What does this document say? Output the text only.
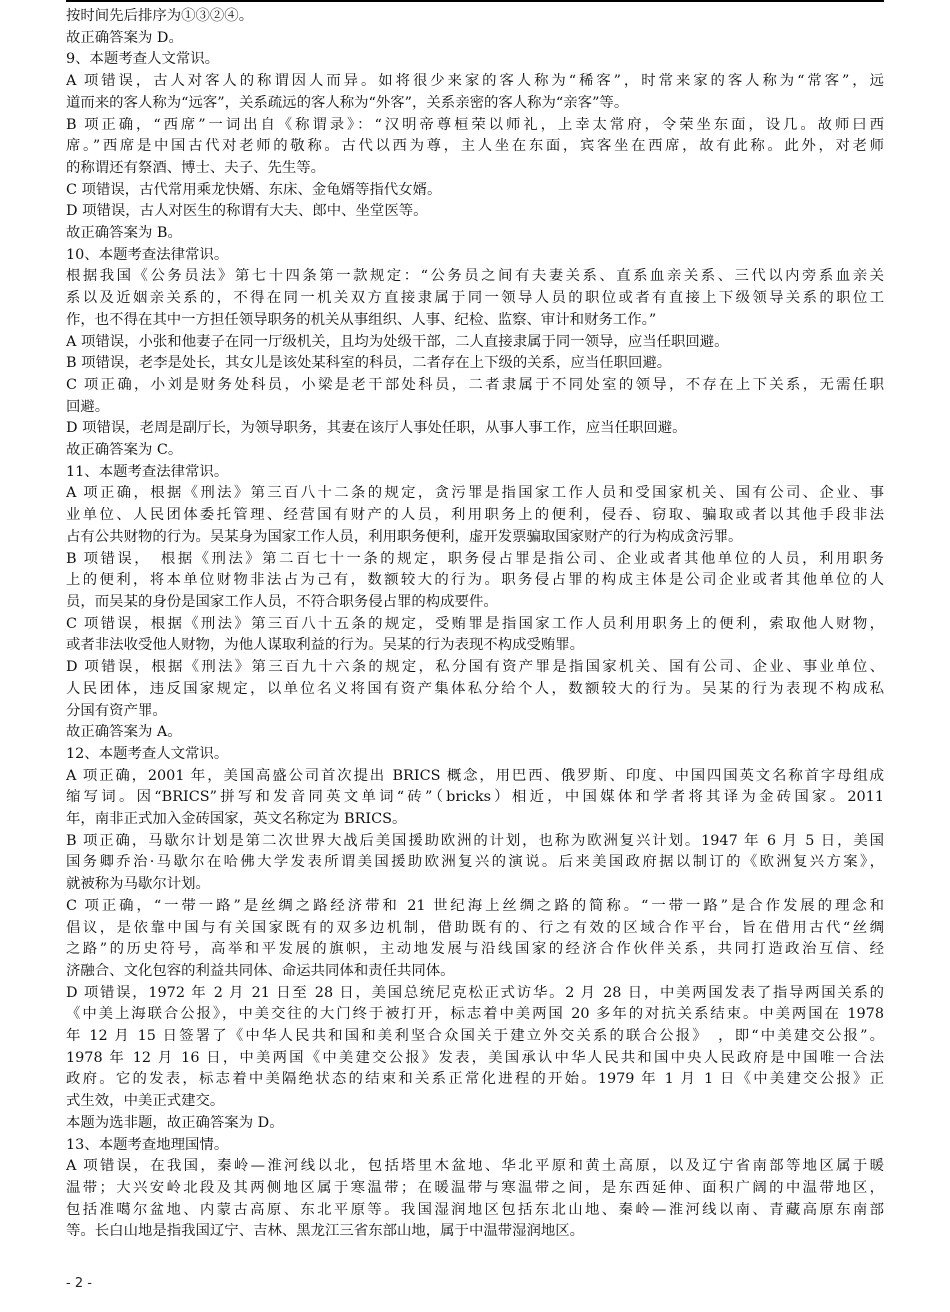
按时间先后排序为①③②④。

故正确答案为 D。

9、本题考查人文常识。

A 项错误，古人对客人的称谓因人而异。如将很少来家的客人称为“稀客”，时常来家的客人称为“常客”，远

道而来的客人称为“远客”，关系疏远的客人称为“外客”，关系亲密的客人称为“亲客”等。

B 项正确，“西席”一词出自《称谓录》：“汉明帝尊桓荣以师礼，上幸太常府，令荣坐东面，设几。故师曰西

席。”西席是中国古代对老师的敬称。古代以西为尊，主人坐在东面，宾客坐在西席，故有此称。此外，对老师

的称谓还有祭酒、博士、夫子、先生等。

C 项错误，古代常用乘龙快婿、东床、金龟婿等指代女婿。

D 项错误，古人对医生的称谓有大夫、郎中、坐堂医等。

故正确答案为 B。

10、本题考查法律常识。

根据我国《公务员法》第七十四条第一款规定：“公务员之间有夫妻关系、直系血亲关系、三代以内旁系血亲关

系以及近姻亲关系的，不得在同一机关双方直接隶属于同一领导人员的职位或者有直接上下级领导关系的职位工

作，也不得在其中一方担任领导职务的机关从事组织、人事、纪检、监察、审计和财务工作。”

A 项错误，小张和他妻子在同一厅级机关，且均为处级干部，二人直接隶属于同一领导，应当任职回避。

B 项错误，老李是处长，其女儿是该处某科室的科员，二者存在上下级的关系，应当任职回避。

C 项正确，小刘是财务处科员，小梁是老干部处科员，二者隶属于不同处室的领导，不存在上下关系，无需任职

回避。

D 项错误，老周是副厅长，为领导职务，其妻在该厅人事处任职，从事人事工作，应当任职回避。

故正确答案为 C。

11、本题考查法律常识。

A 项正确，根据《刑法》第三百八十二条的规定，贪污罪是指国家工作人员和受国家机关、国有公司、企业、事

业单位、人民团体委托管理、经营国有财产的人员，利用职务上的便利，侵吞、窃取、骗取或者以其他手段非法

占有公共财物的行为。吴某身为国家工作人员，利用职务便利，虚开发票骗取国家财产的行为构成贪污罪。

B 项错误，　根据《刑法》第二百七十一条的规定，职务侵占罪是指公司、企业或者其他单位的人员，利用职务

上的便利，将本单位财物非法占为己有，数额较大的行为。职务侵占罪的构成主体是公司企业或者其他单位的人

员，而吴某的身份是国家工作人员，不符合职务侵占罪的构成要件。

C 项错误，根据《刑法》第三百八十五条的规定，受贿罪是指国家工作人员利用职务上的便利，索取他人财物，

或者非法收受他人财物，为他人谋取利益的行为。吴某的行为表现不构成受贿罪。

D 项错误，根据《刑法》第三百九十六条的规定，私分国有资产罪是指国家机关、国有公司、企业、事业单位、

人民团体，违反国家规定，以单位名义将国有资产集体私分给个人，数额较大的行为。吴某的行为表现不构成私

分国有资产罪。

故正确答案为 A。

12、本题考查人文常识。

A 项正确，2001 年，美国高盛公司首次提出 BRICS 概念，用巴西、俄罗斯、印度、中国四国英文名称首字母组成

缩写词。因“BRICS”拼写和发音同英文单词“砖”（bricks）相近，中国媒体和学者将其译为金砖国家。2011

年，南非正式加入金砖国家，英文名称定为 BRICS。

B 项正确，马歇尔计划是第二次世界大战后美国援助欧洲的计划，也称为欧洲复兴计划。1947 年 6 月 5 日，美国

国务卿乔治·马歇尔在哈佛大学发表所谓美国援助欧洲复兴的演说。后来美国政府据以制订的《欧洲复兴方案》，

就被称为马歇尔计划。

C 项正确，“一带一路”是丝绸之路经济带和 21 世纪海上丝绸之路的简称。“一带一路”是合作发展的理念和

倡议，是依靠中国与有关国家既有的双多边机制，借助既有的、行之有效的区域合作平台，旨在借用古代“丝绸

之路”的历史符号，高举和平发展的旗帜，主动地发展与沿线国家的经济合作伙伴关系，共同打造政治互信、经

济融合、文化包容的利益共同体、命运共同体和责任共同体。

D 项错误，1972 年 2 月 21 日至 28 日，美国总统尼克松正式访华。2 月 28 日，中美两国发表了指导两国关系的

《中美上海联合公报》，中美交往的大门终于被打开，标志着中美两国 20 多年的对抗关系结束。中美两国在 1978

年 12 月 15 日签署了《中华人民共和国和美利坚合众国关于建立外交关系的联合公报》　，即“中美建交公报”。

1978 年 12 月 16 日，中美两国《中美建交公报》发表，美国承认中华人民共和国中央人民政府是中国唯一合法

政府。它的发表，标志着中美隔绝状态的结束和关系正常化进程的开始。1979 年 1 月 1 日《中美建交公报》正

式生效，中美正式建交。

本题为选非题，故正确答案为 D。

13、本题考查地理国情。

A 项错误，在我国，秦岭—淮河线以北，包括塔里木盆地、华北平原和黄土高原，以及辽宁省南部等地区属于暖

温带；大兴安岭北段及其两侧地区属于寒温带；在暖温带与寒温带之间，是东西延伸、面积广阔的中温带地区，

包括准噶尔盆地、内蒙古高原、东北平原等。我国湿润地区包括东北山地、秦岭—淮河线以南、青藏高原东南部

等。长白山地是指我国辽宁、吉林、黑龙江三省东部山地，属于中温带湿润地区。

- 2 -
